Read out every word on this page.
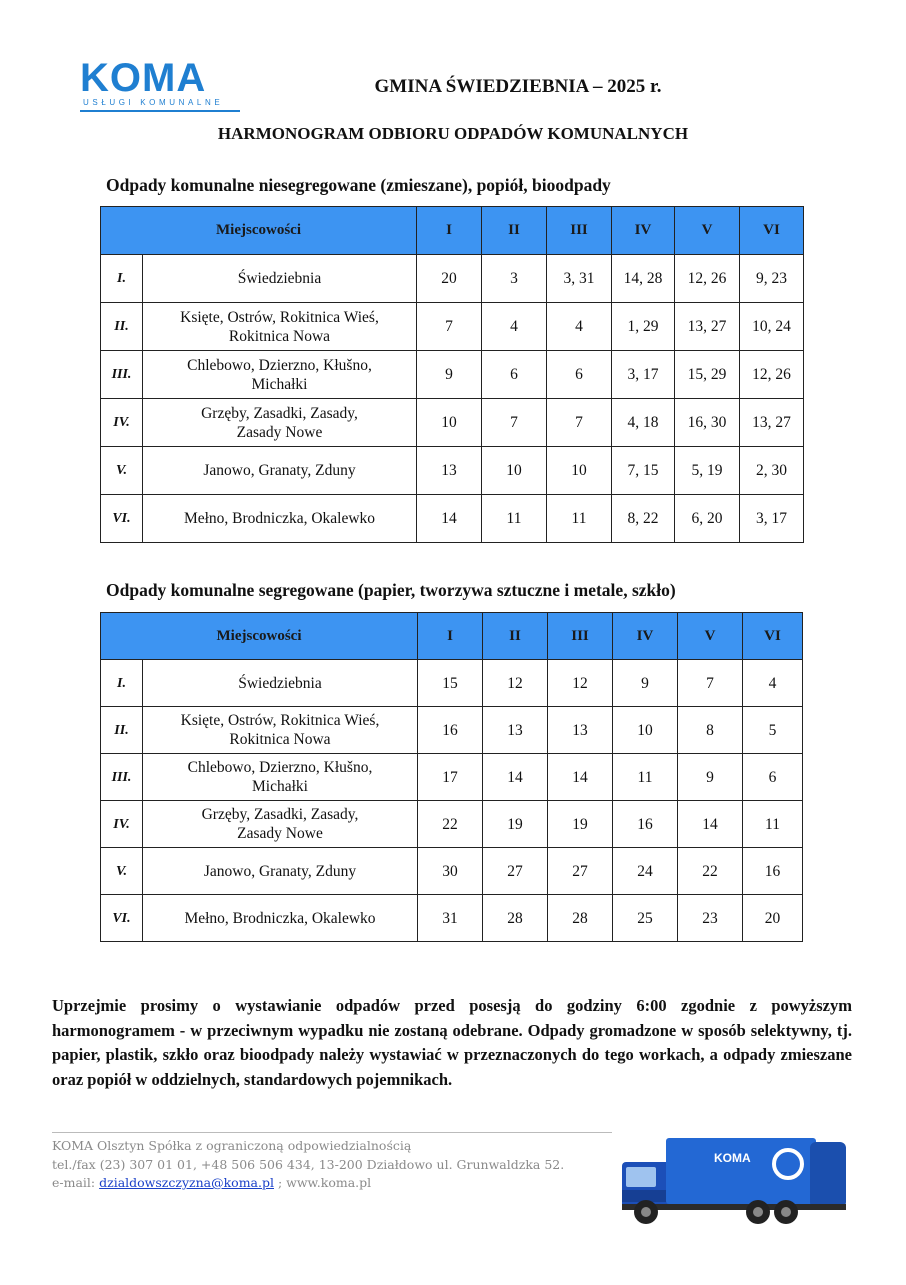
KOMA
USŁUGI KOMUNALNE
GMINA ŚWIEDZIEBNIA – 2025 r.
HARMONOGRAM ODBIORU ODPADÓW KOMUNALNYCH
Odpady komunalne niesegregowane (zmieszane), popiół, bioodpady
Miejscowości		I	II	III	IV	V	VI
I.	Świedziebnia	20	3	3, 31	14, 28	12, 26	9, 23
II.	Księte, Ostrów, Rokitnica Wieś,
Rokitnica Nowa	7	4	4	1, 29	13, 27	10, 24
III.	Chlebowo, Dzierzno, Kłušno,
Michałki	9	6	6	3, 17	15, 29	12, 26
IV.	Grzęby, Zasadki, Zasady,
Zasady Nowe	10	7	7	4, 18	16, 30	13, 27
V.	Janowo, Granaty, Zduny	13	10	10	7, 15	5, 19	2, 30
VI.	Mełno, Brodniczka, Okalewko	14	11	11	8, 22	6, 20	3, 17
Odpady komunalne segregowane (papier, tworzywa sztuczne i metale, szkło)
Miejscowości		I	II	III	IV	V	VI
I.	Świedziebnia	15	12	12	9	7	4
II.	Księte, Ostrów, Rokitnica Wieś,
Rokitnica Nowa	16	13	13	10	8	5
III.	Chlebowo, Dzierzno, Kłušno,
Michałki	17	14	14	11	9	6
IV.	Grzęby, Zasadki, Zasady,
Zasady Nowe	22	19	19	16	14	11
V.	Janowo, Granaty, Zduny	30	27	27	24	22	16
VI.	Mełno, Brodniczka, Okalewko	31	28	28	25	23	20
Uprzejmie prosimy o wystawianie odpadów przed posesją do godziny 6:00 zgodnie z powyższym harmonogramem - w przeciwnym wypadku nie zostaną odebrane. Odpady gromadzone w sposób selektywny, tj. papier, plastik, szkło oraz bioodpady należy wystawiać w przeznaczonych do tego workach, a odpady zmieszane oraz popiół w oddzielnych, standardowych pojemnikach.
KOMA Olsztyn Spółka z ograniczoną odpowiedzialnością
tel./fax (23) 307 01 01, +48 506 506 434, 13-200 Działdowo ul. Grunwaldzka 52.
e-mail: dzialdowszczyzna@koma.pl ; www.koma.pl
KOMA
